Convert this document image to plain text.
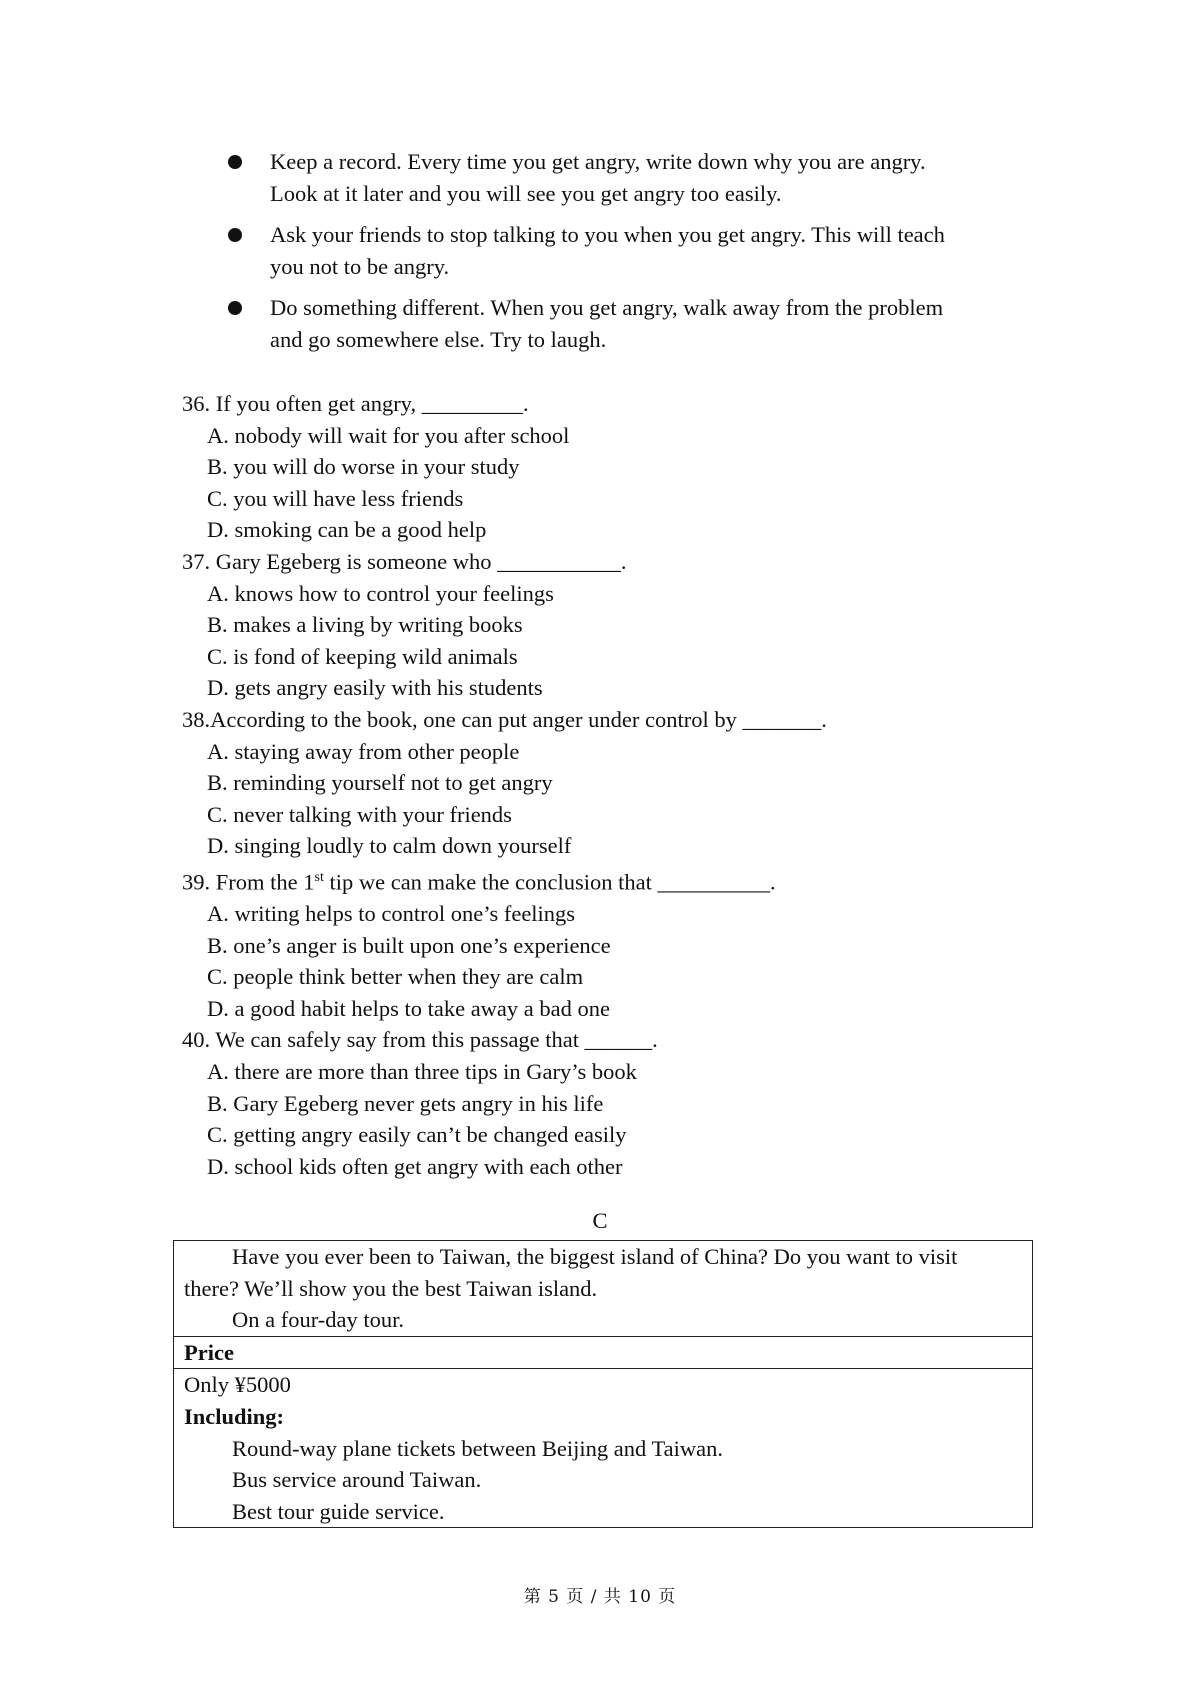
Keep a record. Every time you get angry, write down why you are angry.
Look at it later and you will see you get angry too easily.
Ask your friends to stop talking to you when you get angry. This will teach
you not to be angry.
Do something different. When you get angry, walk away from the problem
and go somewhere else. Try to laugh.
36. If you often get angry, _________.
A. nobody will wait for you after school
B. you will do worse in your study
C. you will have less friends
D. smoking can be a good help
37. Gary Egeberg is someone who ___________.
A. knows how to control your feelings
B. makes a living by writing books
C. is fond of keeping wild animals
D. gets angry easily with his students
38.According to the book, one can put anger under control by _______.
A. staying away from other people
B. reminding yourself not to get angry
C. never talking with your friends
D. singing loudly to calm down yourself
39. From the 1st tip we can make the conclusion that __________.
A. writing helps to control one’s feelings
B. one’s anger is built upon one’s experience
C. people think better when they are calm
D. a good habit helps to take away a bad one
40. We can safely say from this passage that ______.
A. there are more than three tips in Gary’s book
B. Gary Egeberg never gets angry in his life
C. getting angry easily can’t be changed easily
D. school kids often get angry with each other
C
Have you ever been to Taiwan, the biggest island of China? Do you want to visit
there? We’ll show you the best Taiwan island.
On a four-day tour.
Price
Only ¥5000
Including:
Round-way plane tickets between Beijing and Taiwan.
Bus service around Taiwan.
Best tour guide service.
第 5 页 / 共 10 页
